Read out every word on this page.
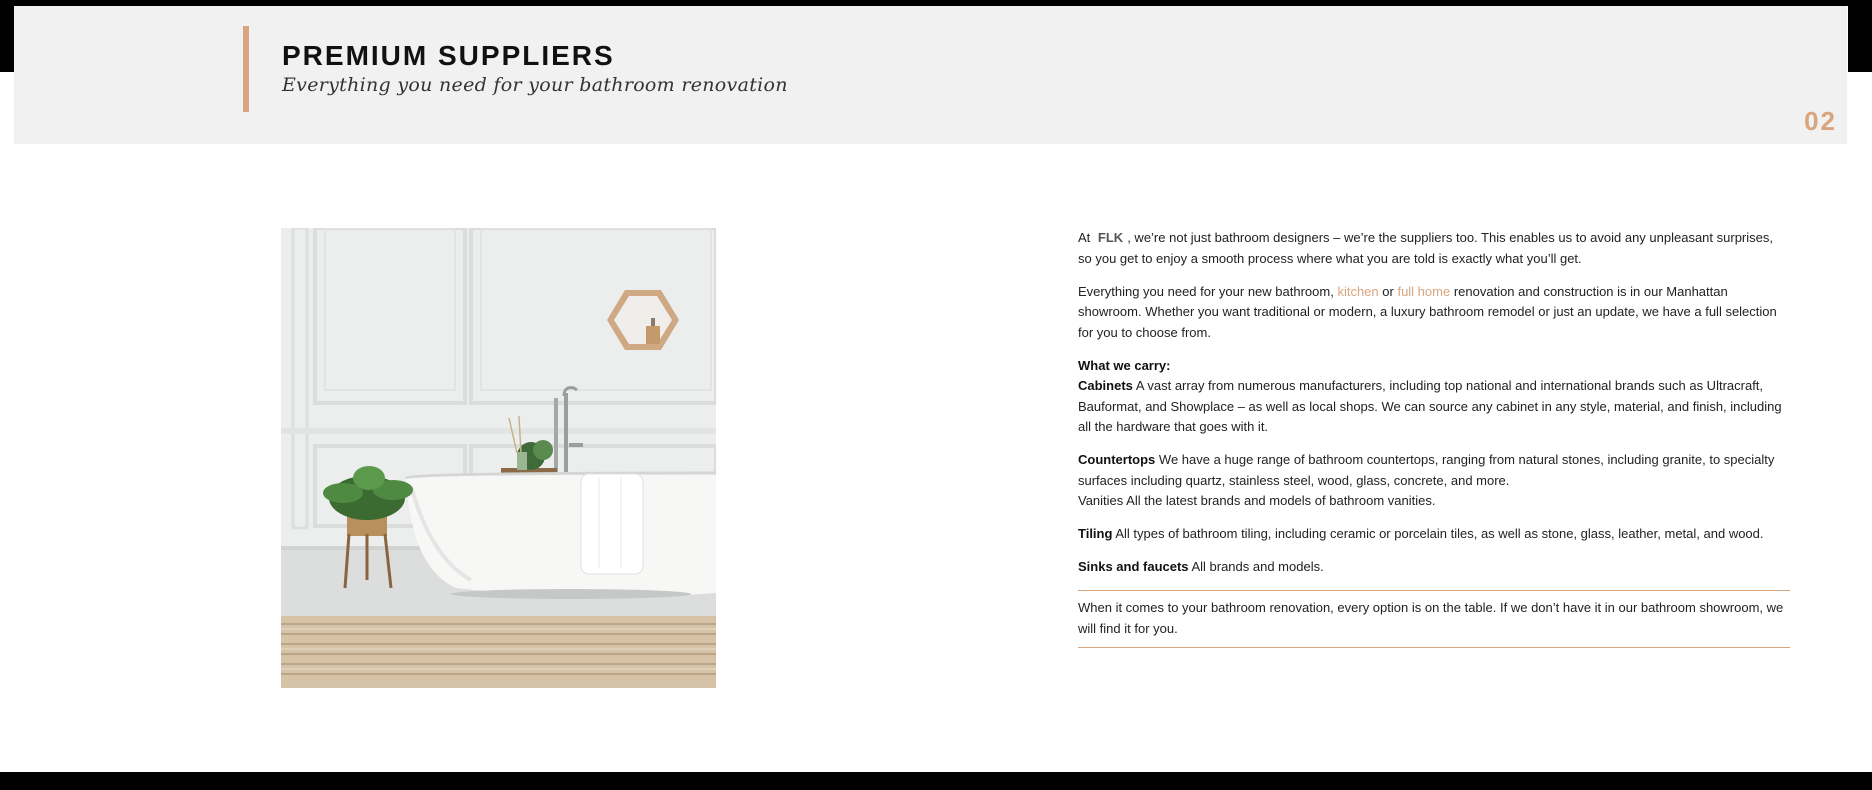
02
PREMIUM SUPPLIERS
Everything you need for your bathroom renovation

At FLK , we’re not just bathroom designers – we’re the suppliers too. This enables us to avoid any unpleasant surprises, so you get to enjoy a smooth process where what you are told is exactly what you’ll get.

Everything you need for your new bathroom, kitchen or full home renovation and construction is in our Manhattan showroom. Whether you want traditional or modern, a luxury bathroom remodel or just an update, we have a full selection for you to choose from.

What we carry:
Cabinets A vast array from numerous manufacturers, including top national and international brands such as Ultracraft, Bauformat, and Showplace – as well as local shops. We can source any cabinet in any style, material, and finish, including all the hardware that goes with it.

Countertops We have a huge range of bathroom countertops, ranging from natural stones, including granite, to specialty surfaces including quartz, stainless steel, wood, glass, concrete, and more.
Vanities All the latest brands and models of bathroom vanities.

Tiling All types of bathroom tiling, including ceramic or porcelain tiles, as well as stone, glass, leather, metal, and wood.

Sinks and faucets All brands and models.

When it comes to your bathroom renovation, every option is on the table. If we don’t have it in our bathroom showroom, we will find it for you.
